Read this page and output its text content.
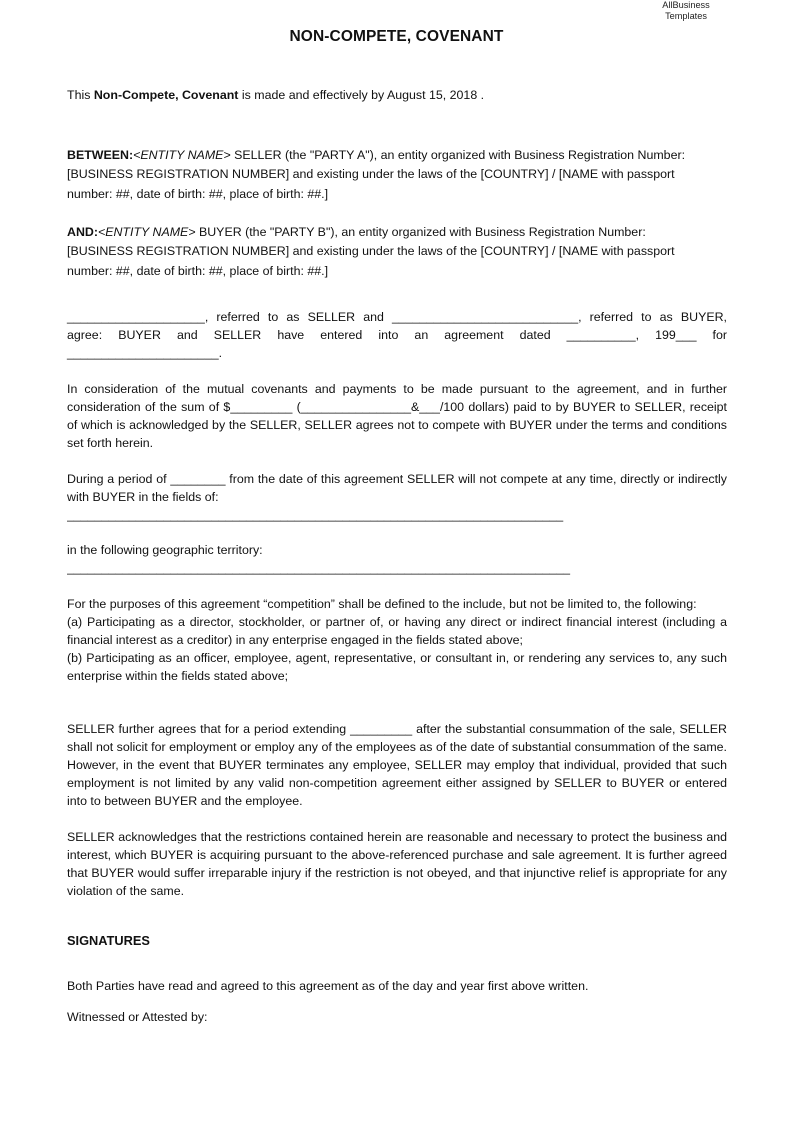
AllBusiness
Templates
NON-COMPETE, COVENANT
This Non-Compete, Covenant is made and effectively by August 15, 2018 .
BETWEEN:<ENTITY NAME> SELLER (the "PARTY A"), an entity organized with Business Registration Number:
[BUSINESS REGISTRATION NUMBER] and existing under the laws of the [COUNTRY] / [NAME with passport
number: ##, date of birth: ##, place of birth: ##.]
AND:<ENTITY NAME> BUYER (the "PARTY B"), an entity organized with Business Registration Number:
[BUSINESS REGISTRATION NUMBER] and existing under the laws of the [COUNTRY] / [NAME with passport
number: ##, date of birth: ##, place of birth: ##.]
____________________, referred to as SELLER and ___________________________, referred to as BUYER,
agree: BUYER and SELLER have entered into an agreement dated __________, 199___ for
______________________.
In consideration of the mutual covenants and payments to be made pursuant to the agreement, and in further consideration of the sum of $_________ (________________&___/100 dollars) paid to by BUYER to SELLER, receipt of which is acknowledged by the SELLER, SELLER agrees not to compete with BUYER under the terms and conditions set forth herein.
During a period of ________ from the date of this agreement SELLER will not compete at any time, directly or indirectly with BUYER in the fields of:
________________________________________________________________________
in the following geographic territory:
_________________________________________________________________________
For the purposes of this agreement “competition” shall be defined to the include, but not be limited to, the following:
(a) Participating as a director, stockholder, or partner of, or having any direct or indirect financial interest (including a financial interest as a creditor) in any enterprise engaged in the fields stated above;
(b) Participating as an officer, employee, agent, representative, or consultant in, or rendering any services to, any such enterprise within the fields stated above;
SELLER further agrees that for a period extending _________ after the substantial consummation of the sale, SELLER shall not solicit for employment or employ any of the employees as of the date of substantial consummation of the same. However, in the event that BUYER terminates any employee, SELLER may employ that individual, provided that such employment is not limited by any valid non-competition agreement either assigned by SELLER to BUYER or entered into to between BUYER and the employee.
SELLER acknowledges that the restrictions contained herein are reasonable and necessary to protect the business and interest, which BUYER is acquiring pursuant to the above-referenced purchase and sale agreement. It is further agreed that BUYER would suffer irreparable injury if the restriction is not obeyed, and that injunctive relief is appropriate for any violation of the same.
SIGNATURES
Both Parties have read and agreed to this agreement as of the day and year first above written.
Witnessed or Attested by:
